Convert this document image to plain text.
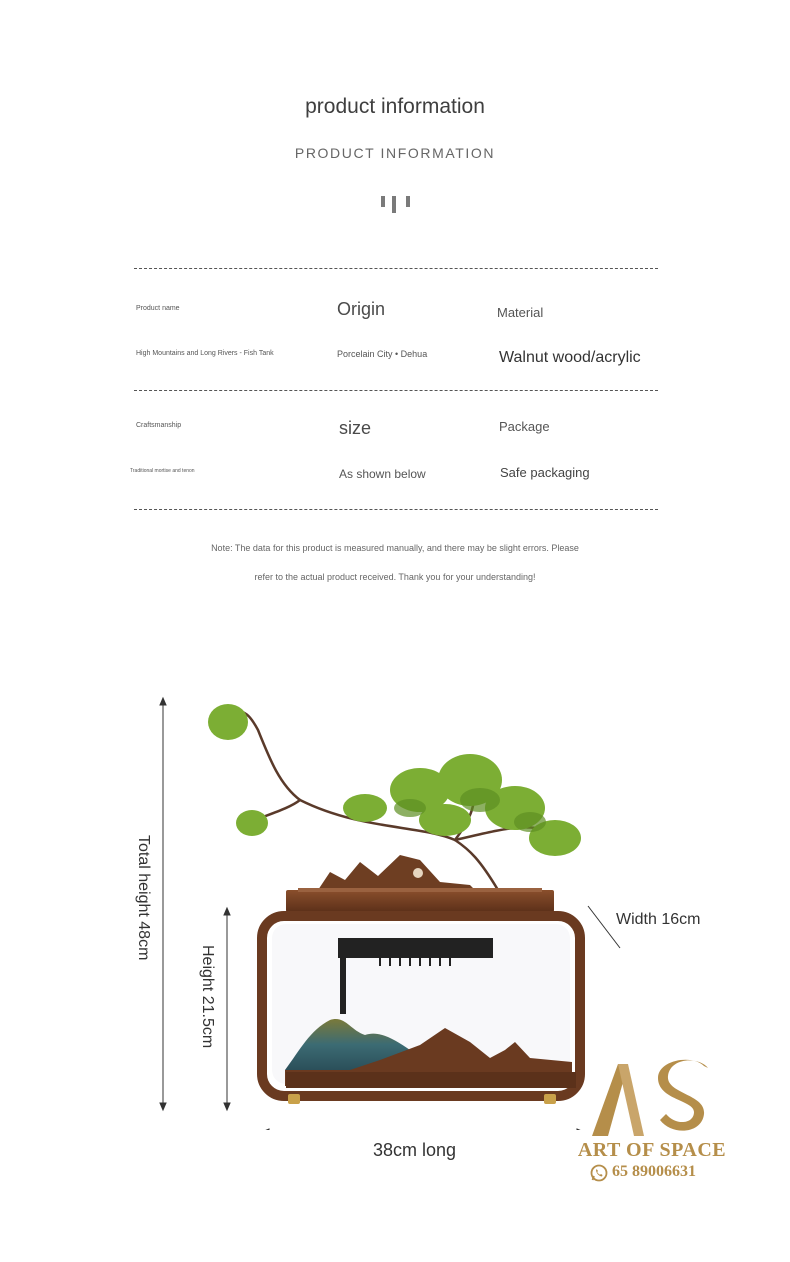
product information
PRODUCT INFORMATION
Product name	Origin	Material
High Mountains and Long Rivers - Fish Tank	Porcelain City • Dehua	Walnut wood/acrylic
Craftsmanship	size	Package
Traditional mortise and tenon	As shown below	Safe packaging
Note: The data for this product is measured manually, and there may be slight errors. Please
refer to the actual product received. Thank you for your understanding!
Total height 48cm
Height 21.5cm
Width 16cm
38cm long	ART OF SPACE
65 89006631
